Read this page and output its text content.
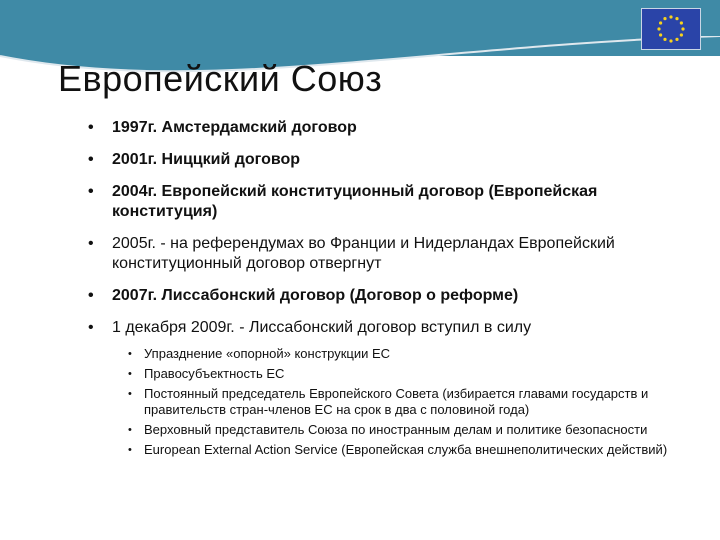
Европейский Союз
• 1997г. Амстердамский договор
• 2001г. Ниццкий договор
• 2004г. Европейский конституционный договор (Европейская конституция)
• 2005г. - на референдумах во Франции и Нидерландах Европейский конституционный договор отвергнут
• 2007г. Лиссабонский договор (Договор о реформе)
• 1 декабря 2009г. - Лиссабонский договор вступил в силу
• Упразднение «опорной» конструкции ЕС
• Правосубъектность ЕС
• Постоянный председатель Европейского Совета (избирается главами государств и правительств стран-членов ЕС на срок в два с половиной года)
• Верховный представитель Союза по иностранным делам и политике безопасности
• European External Action Service (Европейская служба внешнеполитических действий)
